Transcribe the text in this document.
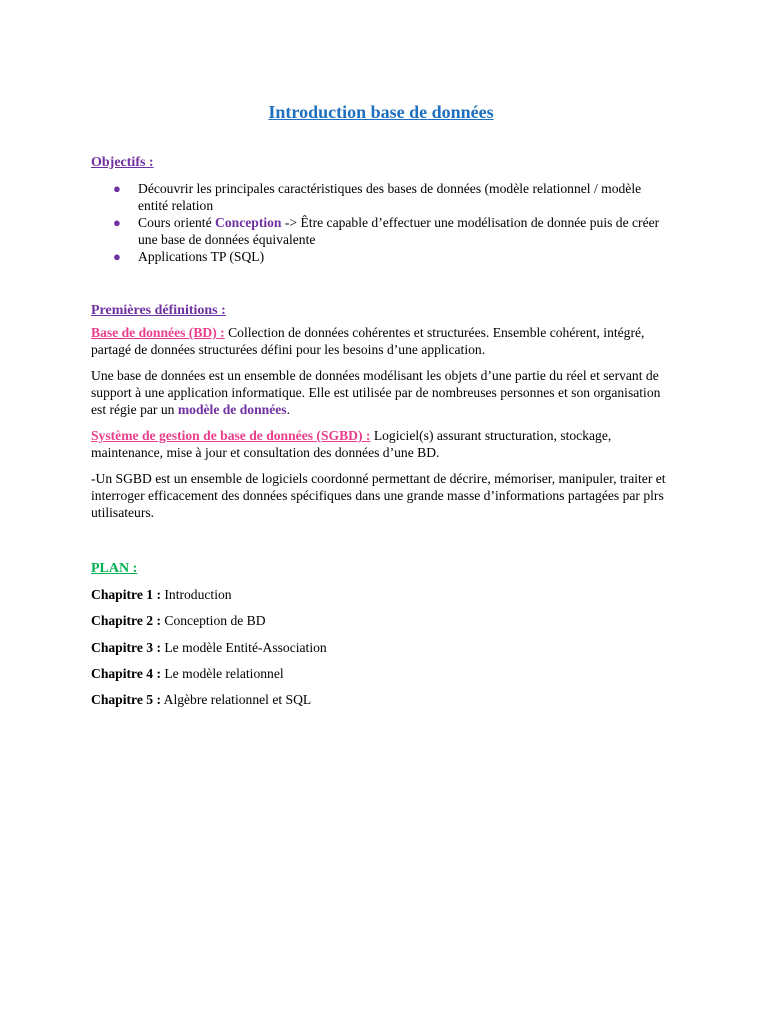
Introduction base de données
Objectifs :
● Découvrir les principales caractéristiques des bases de données (modèle relationnel / modèle entité relation
● Cours orienté Conception -> Être capable d’effectuer une modélisation de donnée puis de créer une base de données équivalente
● Applications TP (SQL)
Premières définitions :

Base de données (BD) : Collection de données cohérentes et structurées. Ensemble cohérent, intégré, partagé de données structurées défini pour les besoins d’une application.

Une base de données est un ensemble de données modélisant les objets d’une partie du réel et servant de support à une application informatique. Elle est utilisée par de nombreuses personnes et son organisation est régie par un modèle de données.

Système de gestion de base de données (SGBD) : Logiciel(s) assurant structuration, stockage, maintenance, mise à jour et consultation des données d’une BD.

-Un SGBD est un ensemble de logiciels coordonné permettant de décrire, mémoriser, manipuler, traiter et interroger efficacement des données spécifiques dans une grande masse d’informations partagées par plrs utilisateurs.

PLAN :
Chapitre 1 : Introduction
Chapitre 2 : Conception de BD
Chapitre 3 : Le modèle Entité-Association
Chapitre 4 : Le modèle relationnel
Chapitre 5 : Algèbre relationnel et SQL
